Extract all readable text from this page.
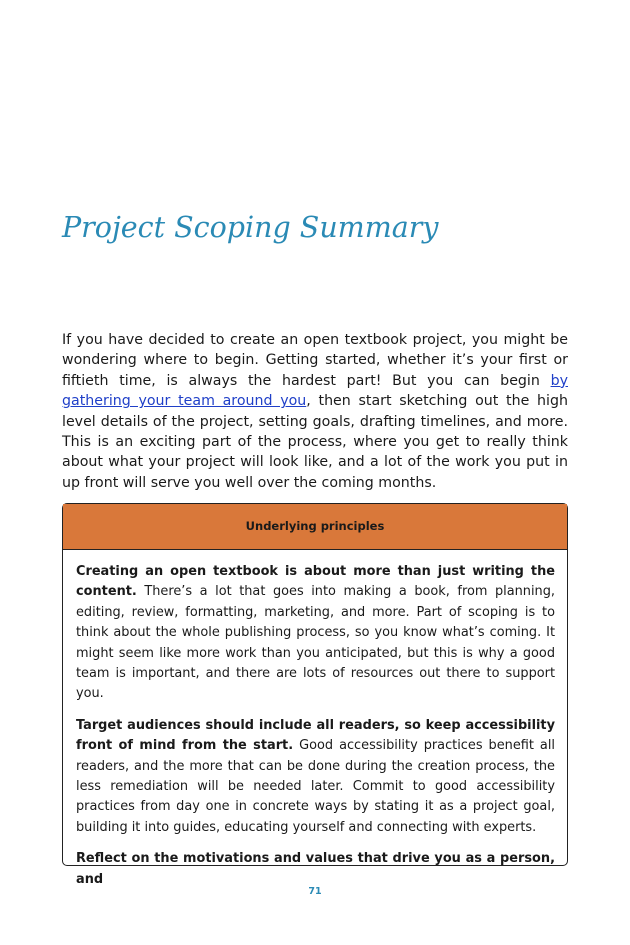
Project Scoping Summary

If you have decided to create an open textbook project, you might be wondering where to begin. Getting started, whether it’s your first or fiftieth time, is always the hardest part! But you can begin by gathering your team around you, then start sketching out the high level details of the project, setting goals, drafting timelines, and more. This is an exciting part of the process, where you get to really think about what your project will look like, and a lot of the work you put in up front will serve you well over the coming months.

Underlying principles

Creating an open textbook is about more than just writing the content. There’s a lot that goes into making a book, from planning, editing, review, formatting, marketing, and more. Part of scoping is to think about the whole publishing process, so you know what’s coming. It might seem like more work than you anticipated, but this is why a good team is important, and there are lots of resources out there to support you.

Target audiences should include all readers, so keep accessibility front of mind from the start. Good accessibility practices benefit all readers, and the more that can be done during the creation process, the less remediation will be needed later. Commit to good accessibility practices from day one in concrete ways by stating it as a project goal, building it into guides, educating yourself and connecting with experts.

Reflect on the motivations and values that drive you as a person, and

71
